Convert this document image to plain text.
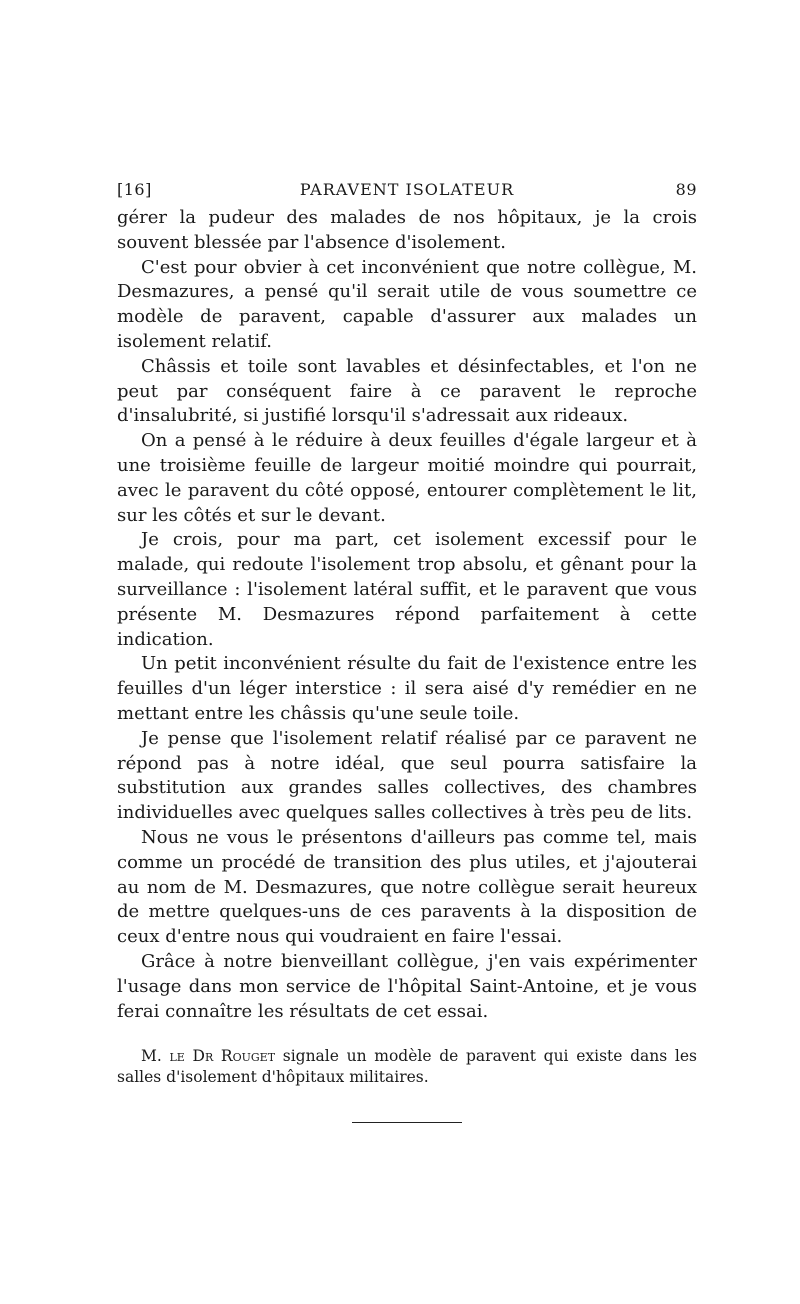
[16]	PARAVENT ISOLATEUR	89

gérer la pudeur des malades de nos hôpitaux, je la crois souvent blessée par l'absence d'isolement.

C'est pour obvier à cet inconvénient que notre collègue, M. Desmazures, a pensé qu'il serait utile de vous soumettre ce modèle de paravent, capable d'assurer aux malades un isolement relatif.

Châssis et toile sont lavables et désinfectables, et l'on ne peut par conséquent faire à ce paravent le reproche d'insalubrité, si justifié lorsqu'il s'adressait aux rideaux.

On a pensé à le réduire à deux feuilles d'égale largeur et à une troisième feuille de largeur moitié moindre qui pourrait, avec le paravent du côté opposé, entourer complètement le lit, sur les côtés et sur le devant.

Je crois, pour ma part, cet isolement excessif pour le malade, qui redoute l'isolement trop absolu, et gênant pour la surveillance : l'isolement latéral suffit, et le paravent que vous présente M. Desmazures répond parfaitement à cette indication.

Un petit inconvénient résulte du fait de l'existence entre les feuilles d'un léger interstice : il sera aisé d'y remédier en ne mettant entre les châssis qu'une seule toile.

Je pense que l'isolement relatif réalisé par ce paravent ne répond pas à notre idéal, que seul pourra satisfaire la substitution aux grandes salles collectives, des chambres individuelles avec quelques salles collectives à très peu de lits.

Nous ne vous le présentons d'ailleurs pas comme tel, mais comme un procédé de transition des plus utiles, et j'ajouterai au nom de M. Desmazures, que notre collègue serait heureux de mettre quelques-uns de ces paravents à la disposition de ceux d'entre nous qui voudraient en faire l'essai.

Grâce à notre bienveillant collègue, j'en vais expérimenter l'usage dans mon service de l'hôpital Saint-Antoine, et je vous ferai connaître les résultats de cet essai.

M. le Dr Rouget signale un modèle de paravent qui existe dans les salles d'isolement d'hôpitaux militaires.
